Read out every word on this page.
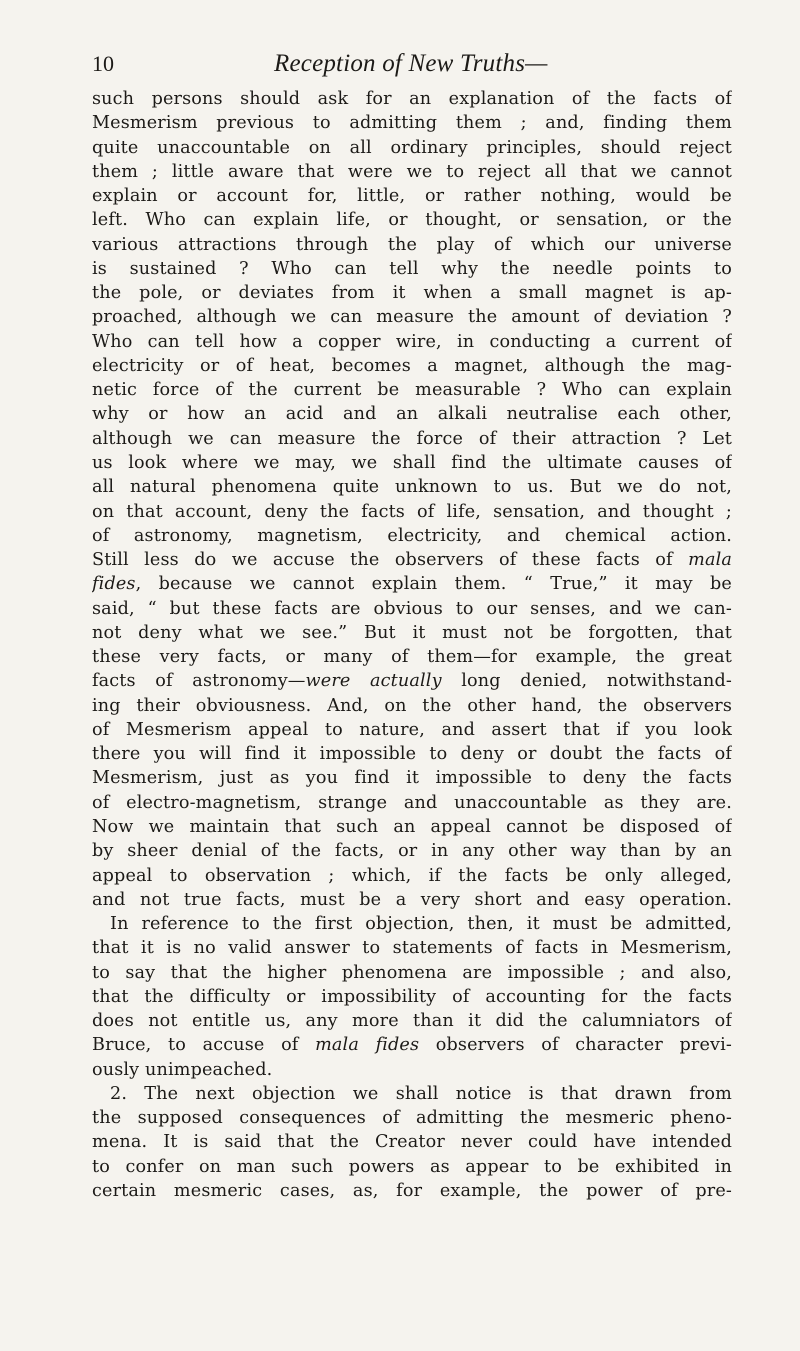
10	Reception of New Truths—
such persons should ask for an explanation of the facts of
Mesmerism previous to admitting them ; and, finding them
quite unaccountable on all ordinary principles, should reject
them ; little aware that were we to reject all that we cannot
explain or account for, little, or rather nothing, would be
left. Who can explain life, or thought, or sensation, or the
various attractions through the play of which our universe
is sustained ? Who can tell why the needle points to
the pole, or deviates from it when a small magnet is ap-
proached, although we can measure the amount of deviation ?
Who can tell how a copper wire, in conducting a current of
electricity or of heat, becomes a magnet, although the mag-
netic force of the current be measurable ? Who can explain
why or how an acid and an alkali neutralise each other,
although we can measure the force of their attraction ? Let
us look where we may, we shall find the ultimate causes of
all natural phenomena quite unknown to us. But we do not,
on that account, deny the facts of life, sensation, and thought ;
of astronomy, magnetism, electricity, and chemical action.
Still less do we accuse the observers of these facts of mala
fides, because we cannot explain them. “ True,” it may be
said, “ but these facts are obvious to our senses, and we can-
not deny what we see.” But it must not be forgotten, that
these very facts, or many of them—for example, the great
facts of astronomy—were actually long denied, notwithstand-
ing their obviousness. And, on the other hand, the observers
of Mesmerism appeal to nature, and assert that if you look
there you will find it impossible to deny or doubt the facts of
Mesmerism, just as you find it impossible to deny the facts
of electro-magnetism, strange and unaccountable as they are.
Now we maintain that such an appeal cannot be disposed of
by sheer denial of the facts, or in any other way than by an
appeal to observation ; which, if the facts be only alleged,
and not true facts, must be a very short and easy operation.
In reference to the first objection, then, it must be admitted,
that it is no valid answer to statements of facts in Mesmerism,
to say that the higher phenomena are impossible ; and also,
that the difficulty or impossibility of accounting for the facts
does not entitle us, any more than it did the calumniators of
Bruce, to accuse of mala fides observers of character previ-
ously unimpeached.
2. The next objection we shall notice is that drawn from
the supposed consequences of admitting the mesmeric pheno-
mena. It is said that the Creator never could have intended
to confer on man such powers as appear to be exhibited in
certain mesmeric cases, as, for example, the power of pre-
